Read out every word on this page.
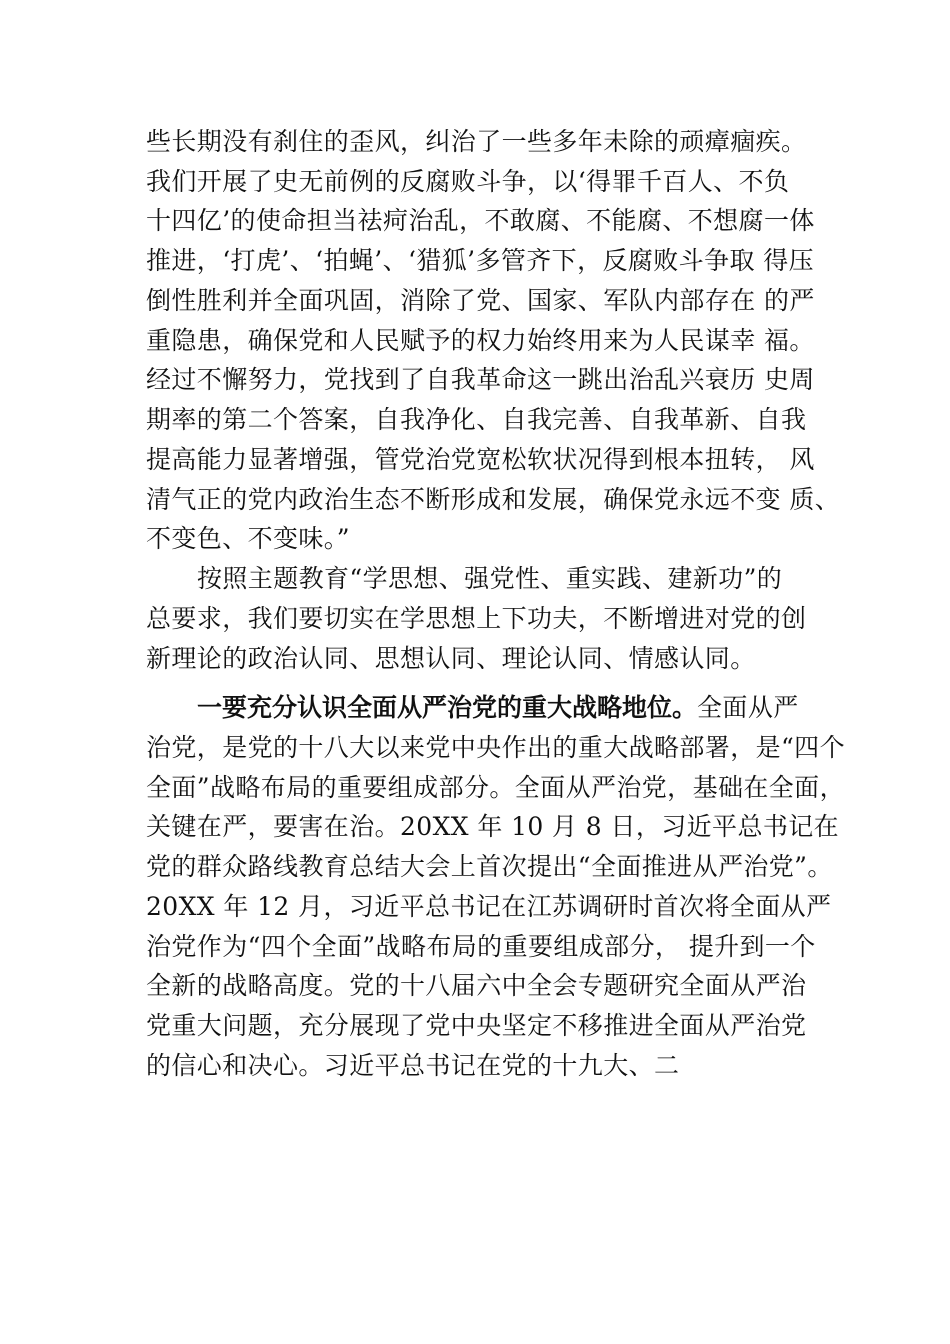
些长期没有刹住的歪风，纠治了一些多年未除的顽瘴痼疾。
我们开展了史无前例的反腐败斗争，以‘得罪千百人、不负
十四亿’的使命担当祛疴治乱，不敢腐、不能腐、不想腐一体
推进，‘打虎’、‘拍蝇’、‘猎狐’多管齐下，反腐败斗争取 得压
倒性胜利并全面巩固，消除了党、国家、军队内部存在 的严
重隐患，确保党和人民赋予的权力始终用来为人民谋幸 福。
经过不懈努力，党找到了自我革命这一跳出治乱兴衰历 史周
期率的第二个答案，自我净化、自我完善、自我革新、自我
提高能力显著增强，管党治党宽松软状况得到根本扭转， 风
清气正的党内政治生态不断形成和发展，确保党永远不变 质、
不变色、不变味。”
按照主题教育“学思想、强党性、重实践、建新功”的
总要求，我们要切实在学思想上下功夫，不断增进对党的创
新理论的政治认同、思想认同、理论认同、情感认同。
一要充分认识全面从严治党的重大战略地位。全面从严
治党，是党的十八大以来党中央作出的重大战略部署，是“四个
全面”战略布局的重要组成部分。全面从严治党，基础在全面，
关键在严，要害在治。20XX 年 10 月 8 日，习近平总书记在
党的群众路线教育总结大会上首次提出“全面推进从严治党”。
20XX 年 12 月，习近平总书记在江苏调研时首次将全面从严
治党作为“四个全面”战略布局的重要组成部分， 提升到一个
全新的战略高度。党的十八届六中全会专题研究全面从严治
党重大问题，充分展现了党中央坚定不移推进全面从严治党
的信心和决心。习近平总书记在党的十九大、二
